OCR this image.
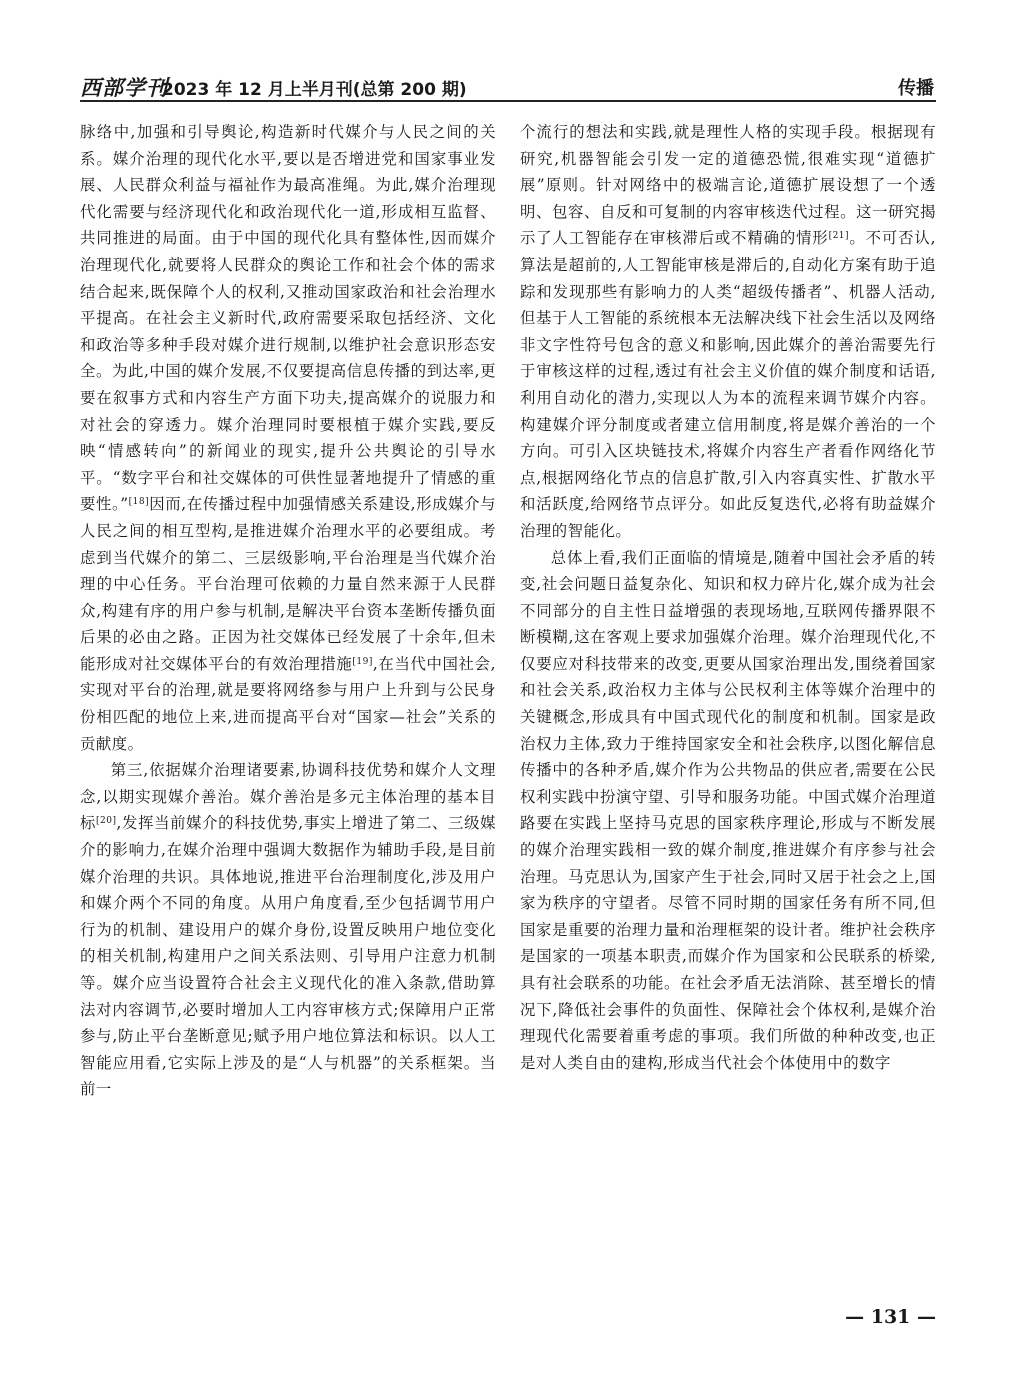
西部学刊
2023 年 12 月上半月刊(总第 200 期)	传播

脉络中,加强和引导舆论,构造新时代媒介与人民之间的关系。媒介治理的现代化水平,要以是否增进党和国家事业发展、人民群众利益与福祉作为最高准绳。为此,媒介治理现代化需要与经济现代化和政治现代化一道,形成相互监督、共同推进的局面。由于中国的现代化具有整体性,因而媒介治理现代化,就要将人民群众的舆论工作和社会个体的需求结合起来,既保障个人的权利,又推动国家政治和社会治理水平提高。在社会主义新时代,政府需要采取包括经济、文化和政治等多种手段对媒介进行规制,以维护社会意识形态安全。为此,中国的媒介发展,不仅要提高信息传播的到达率,更要在叙事方式和内容生产方面下功夫,提高媒介的说服力和对社会的穿透力。媒介治理同时要根植于媒介实践,要反映“情感转向”的新闻业的现实,提升公共舆论的引导水平。“数字平台和社交媒体的可供性显著地提升了情感的重要性。”[18]因而,在传播过程中加强情感关系建设,形成媒介与人民之间的相互型构,是推进媒介治理水平的必要组成。考虑到当代媒介的第二、三层级影响,平台治理是当代媒介治理的中心任务。平台治理可依赖的力量自然来源于人民群众,构建有序的用户参与机制,是解决平台资本垄断传播负面后果的必由之路。正因为社交媒体已经发展了十余年,但未能形成对社交媒体平台的有效治理措施[19],在当代中国社会,实现对平台的治理,就是要将网络参与用户上升到与公民身份相匹配的地位上来,进而提高平台对“国家—社会”关系的贡献度。

第三,依据媒介治理诸要素,协调科技优势和媒介人文理念,以期实现媒介善治。媒介善治是多元主体治理的基本目标[20],发挥当前媒介的科技优势,事实上增进了第二、三级媒介的影响力,在媒介治理中强调大数据作为辅助手段,是目前媒介治理的共识。具体地说,推进平台治理制度化,涉及用户和媒介两个不同的角度。从用户角度看,至少包括调节用户行为的机制、建设用户的媒介身份,设置反映用户地位变化的相关机制,构建用户之间关系法则、引导用户注意力机制等。媒介应当设置符合社会主义现代化的准入条款,借助算法对内容调节,必要时增加人工内容审核方式;保障用户正常参与,防止平台垄断意见;赋予用户地位算法和标识。以人工智能应用看,它实际上涉及的是“人与机器”的关系框架。当前一

个流行的想法和实践,就是理性人格的实现手段。根据现有研究,机器智能会引发一定的道德恐慌,很难实现“道德扩展”原则。针对网络中的极端言论,道德扩展设想了一个透明、包容、自反和可复制的内容审核迭代过程。这一研究揭示了人工智能存在审核滞后或不精确的情形[21]。不可否认,算法是超前的,人工智能审核是滞后的,自动化方案有助于追踪和发现那些有影响力的人类“超级传播者”、机器人活动,但基于人工智能的系统根本无法解决线下社会生活以及网络非文字性符号包含的意义和影响,因此媒介的善治需要先行于审核这样的过程,透过有社会主义价值的媒介制度和话语,利用自动化的潜力,实现以人为本的流程来调节媒介内容。构建媒介评分制度或者建立信用制度,将是媒介善治的一个方向。可引入区块链技术,将媒介内容生产者看作网络化节点,根据网络化节点的信息扩散,引入内容真实性、扩散水平和活跃度,给网络节点评分。如此反复迭代,必将有助益媒介治理的智能化。

总体上看,我们正面临的情境是,随着中国社会矛盾的转变,社会问题日益复杂化、知识和权力碎片化,媒介成为社会不同部分的自主性日益增强的表现场地,互联网传播界限不断模糊,这在客观上要求加强媒介治理。媒介治理现代化,不仅要应对科技带来的改变,更要从国家治理出发,围绕着国家和社会关系,政治权力主体与公民权利主体等媒介治理中的关键概念,形成具有中国式现代化的制度和机制。国家是政治权力主体,致力于维持国家安全和社会秩序,以图化解信息传播中的各种矛盾,媒介作为公共物品的供应者,需要在公民权利实践中扮演守望、引导和服务功能。中国式媒介治理道路要在实践上坚持马克思的国家秩序理论,形成与不断发展的媒介治理实践相一致的媒介制度,推进媒介有序参与社会治理。马克思认为,国家产生于社会,同时又居于社会之上,国家为秩序的守望者。尽管不同时期的国家任务有所不同,但国家是重要的治理力量和治理框架的设计者。维护社会秩序是国家的一项基本职责,而媒介作为国家和公民联系的桥梁,具有社会联系的功能。在社会矛盾无法消除、甚至增长的情况下,降低社会事件的负面性、保障社会个体权利,是媒介治理现代化需要着重考虑的事项。我们所做的种种改变,也正是对人类自由的建构,形成当代社会个体使用中的数字

— 131 —
